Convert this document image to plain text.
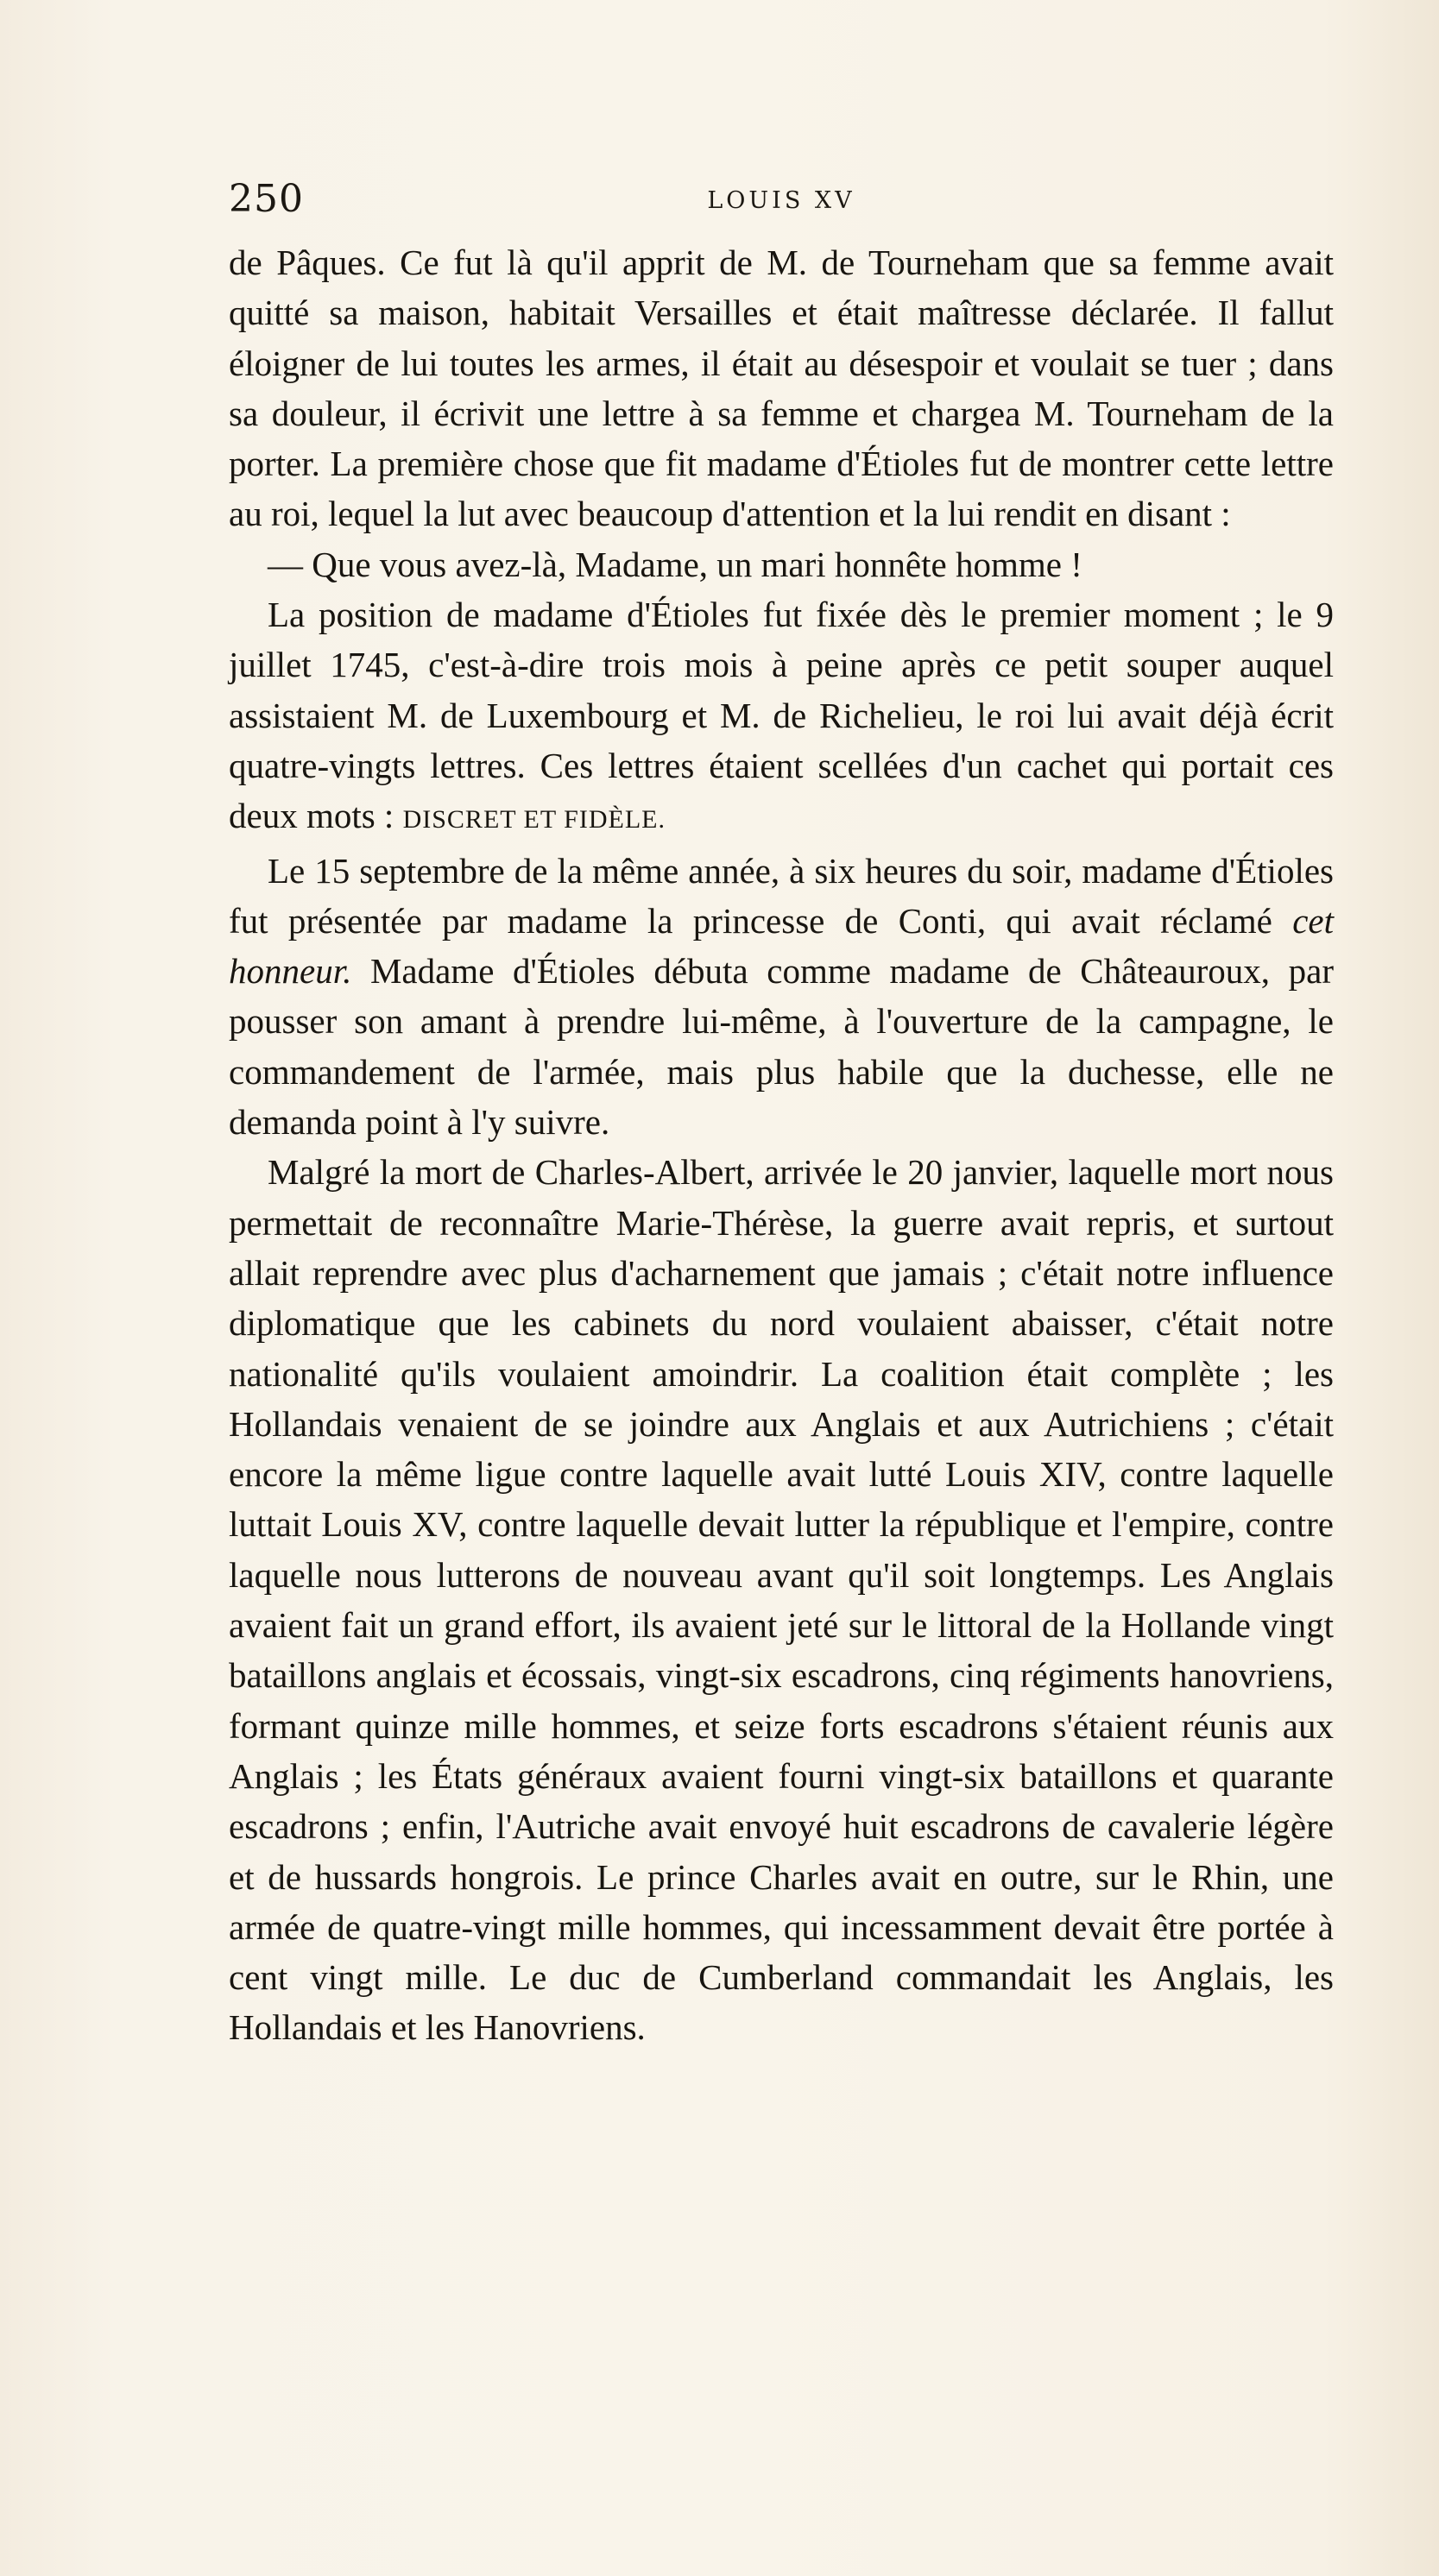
250	LOUIS XV

de Pâques. Ce fut là qu'il apprit de M. de Tourneham que sa femme avait quitté sa maison, habitait Versailles et était maîtresse déclarée. Il fallut éloigner de lui toutes les armes, il était au désespoir et voulait se tuer ; dans sa douleur, il écrivit une lettre à sa femme et chargea M. Tourneham de la porter. La première chose que fit madame d'Étioles fut de montrer cette lettre au roi, lequel la lut avec beaucoup d'attention et la lui rendit en disant :

— Que vous avez-là, Madame, un mari honnête homme !

La position de madame d'Étioles fut fixée dès le premier moment ; le 9 juillet 1745, c'est-à-dire trois mois à peine après ce petit souper auquel assistaient M. de Luxembourg et M. de Richelieu, le roi lui avait déjà écrit quatre-vingts lettres. Ces lettres étaient scellées d'un cachet qui portait ces deux mots : DISCRET ET FIDÈLE.

Le 15 septembre de la même année, à six heures du soir, madame d'Étioles fut présentée par madame la princesse de Conti, qui avait réclamé cet honneur. Madame d'Étioles débuta comme madame de Châteauroux, par pousser son amant à prendre lui-même, à l'ouverture de la campagne, le commandement de l'armée, mais plus habile que la duchesse, elle ne demanda point à l'y suivre.

Malgré la mort de Charles-Albert, arrivée le 20 janvier, laquelle mort nous permettait de reconnaître Marie-Thérèse, la guerre avait repris, et surtout allait reprendre avec plus d'acharnement que jamais ; c'était notre influence diplomatique que les cabinets du nord voulaient abaisser, c'était notre nationalité qu'ils voulaient amoindrir. La coalition était complète ; les Hollandais venaient de se joindre aux Anglais et aux Autrichiens ; c'était encore la même ligue contre laquelle avait lutté Louis XIV, contre laquelle luttait Louis XV, contre laquelle devait lutter la république et l'empire, contre laquelle nous lutterons de nouveau avant qu'il soit longtemps. Les Anglais avaient fait un grand effort, ils avaient jeté sur le littoral de la Hollande vingt bataillons anglais et écossais, vingt-six escadrons, cinq régiments hanovriens, formant quinze mille hommes, et seize forts escadrons s'étaient réunis aux Anglais ; les États généraux avaient fourni vingt-six bataillons et quarante escadrons ; enfin, l'Autriche avait envoyé huit escadrons de cavalerie légère et de hussards hongrois. Le prince Charles avait en outre, sur le Rhin, une armée de quatre-vingt mille hommes, qui incessamment devait être portée à cent vingt mille. Le duc de Cumberland commandait les Anglais, les Hollandais et les Hanovriens.
